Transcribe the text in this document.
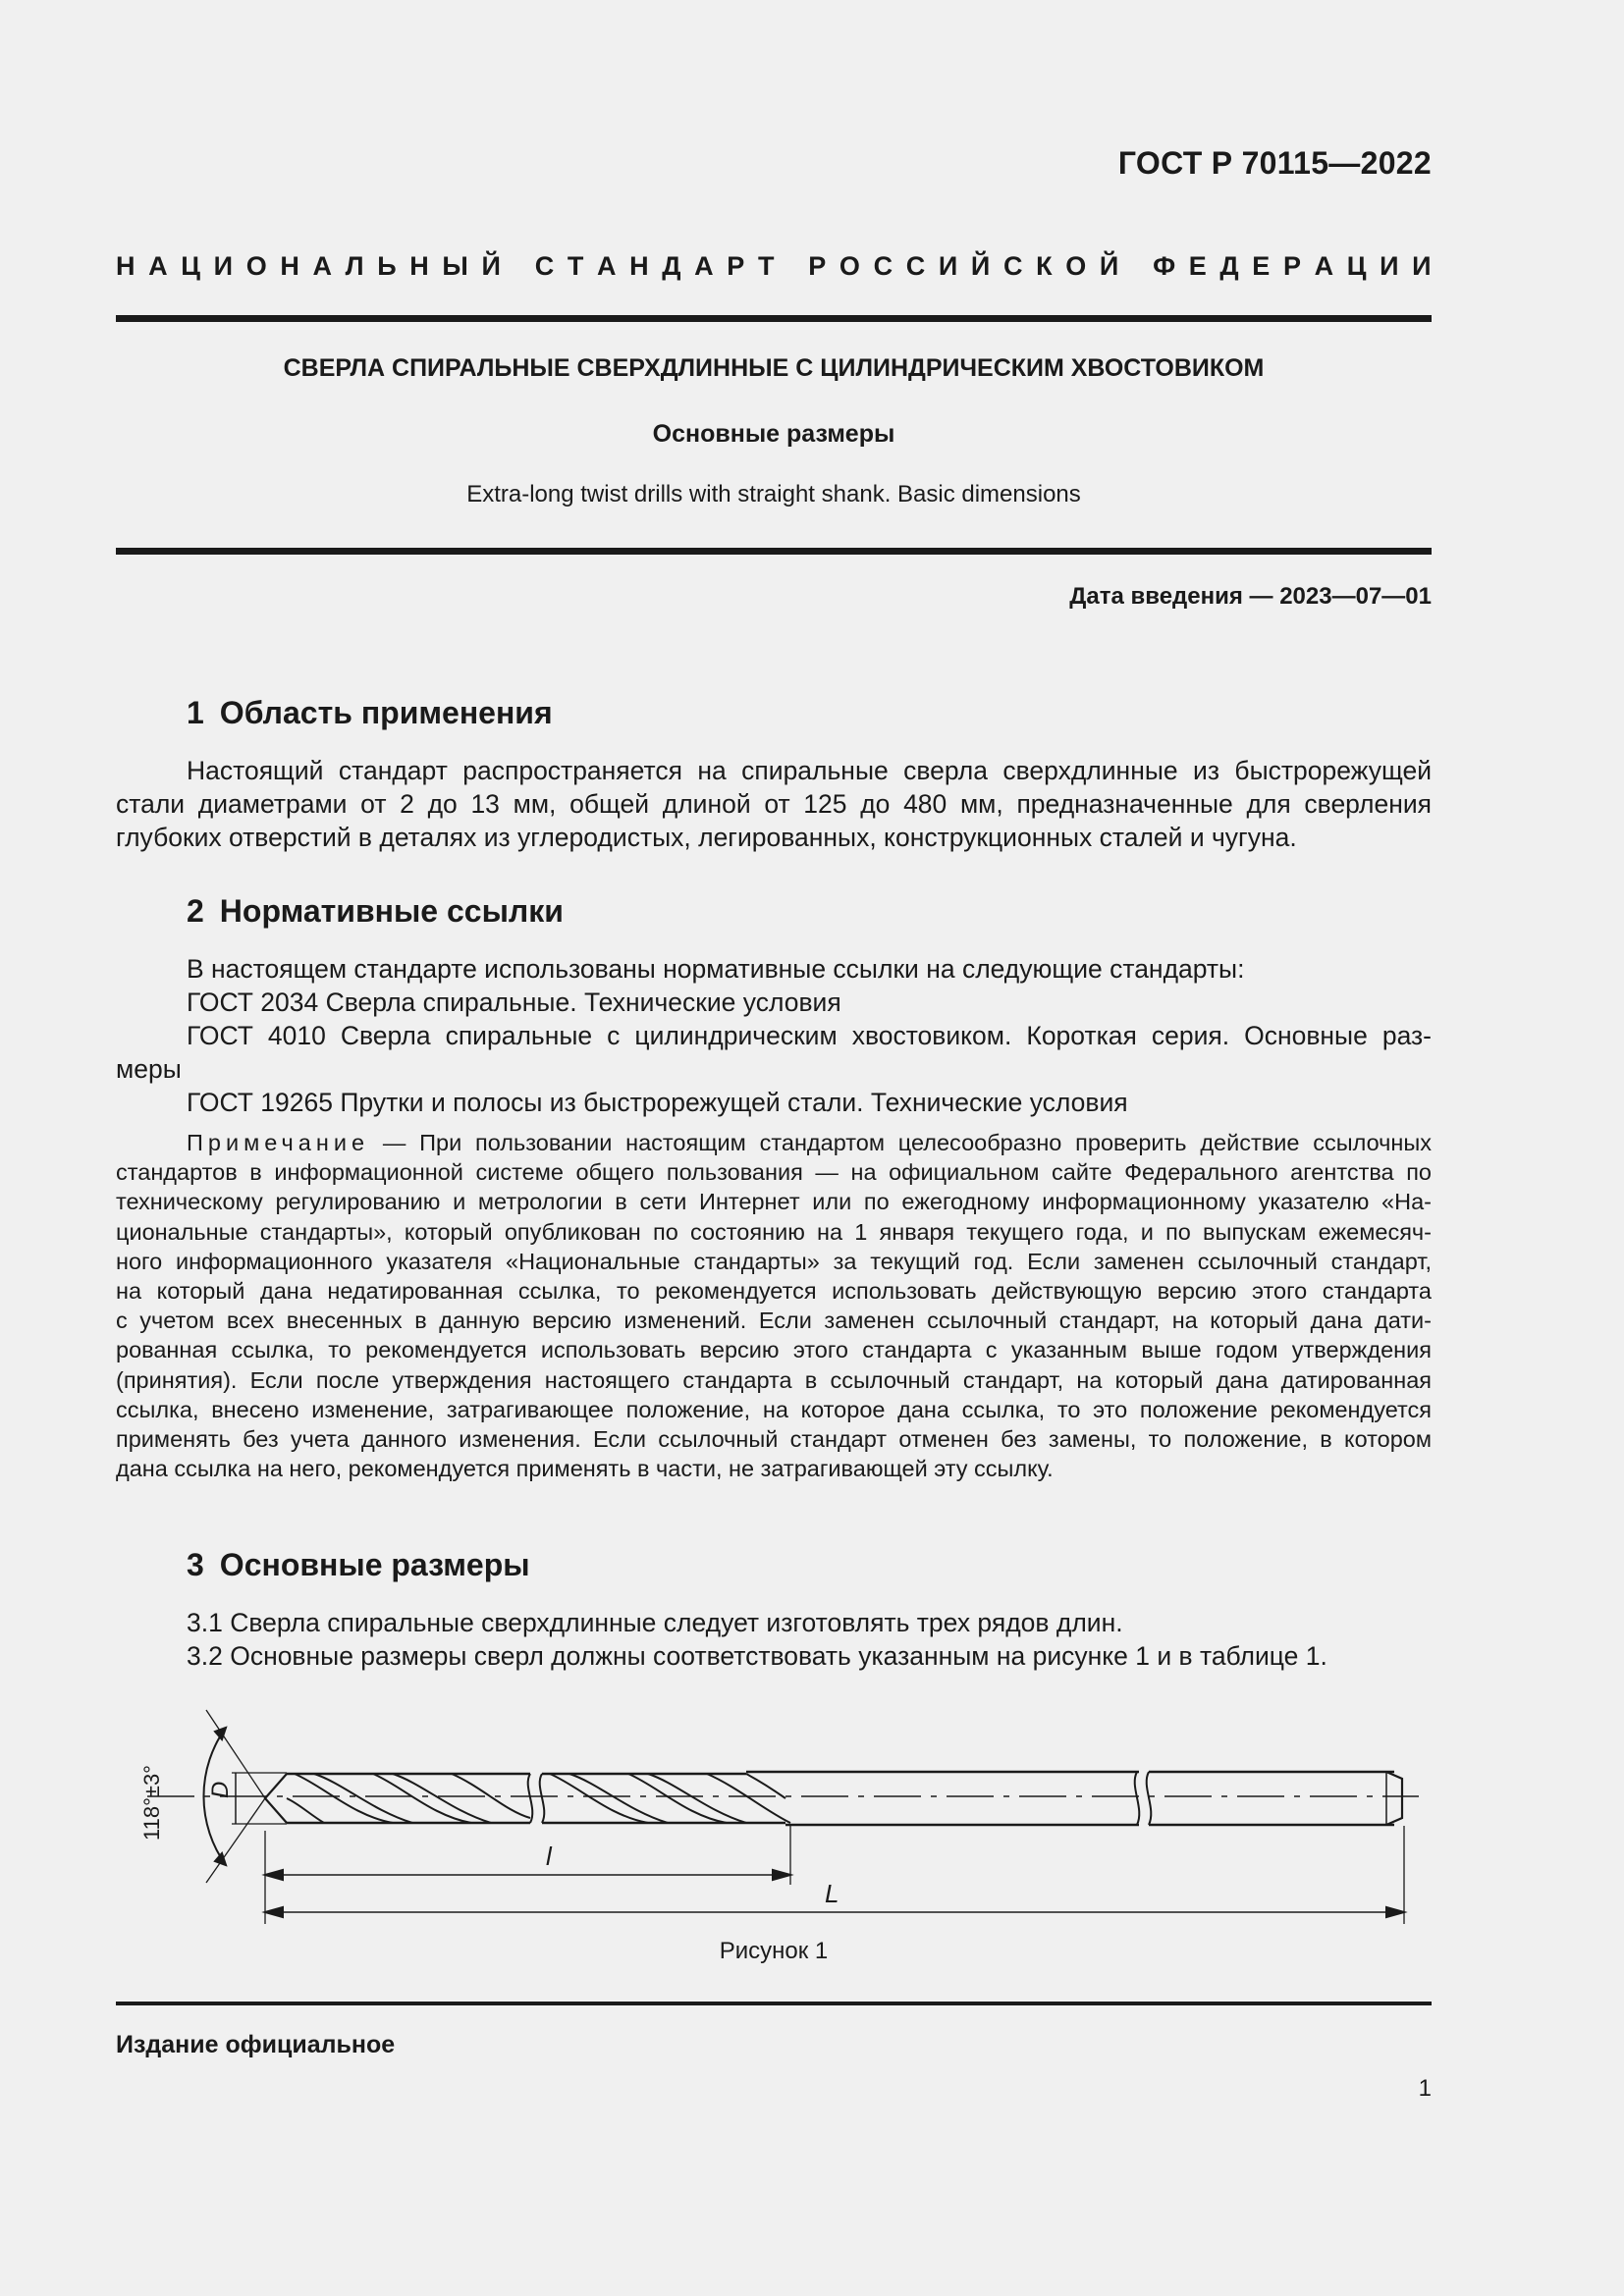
ГОСТ Р 70115—2022
Н А Ц И О Н А Л Ь Н Ы Й
С Т А Н Д А Р Т
Р О С С И Й С К О Й
Ф Е Д Е Р А Ц И И
СВЕРЛА СПИРАЛЬНЫЕ СВЕРХДЛИННЫЕ С ЦИЛИНДРИЧЕСКИМ ХВОСТОВИКОМ
Основные размеры
Extra-long twist drills with straight shank. Basic dimensions
Дата введения — 2023—07—01
1 Область применения
Настоящий стандарт распространяется на спиральные сверла сверхдлинные из быстрорежущей
стали диаметрами от 2 до 13 мм, общей длиной от 125 до 480 мм, предназначенные для сверления
глубоких отверстий в деталях из углеродистых, легированных, конструкционных сталей и чугуна.
2 Нормативные ссылки
В настоящем стандарте использованы нормативные ссылки на следующие стандарты:
ГОСТ 2034 Сверла спиральные. Технические условия
ГОСТ 4010 Сверла спиральные с цилиндрическим хвостовиком. Короткая серия. Основные раз-
меры
ГОСТ 19265 Прутки и полосы из быстрорежущей стали. Технические условия
Примечание — При пользовании настоящим стандартом целесообразно проверить действие ссылочных
стандартов в информационной системе общего пользования — на официальном сайте Федерального агентства по
техническому регулированию и метрологии в сети Интернет или по ежегодному информационному указателю «На-
циональные стандарты», который опубликован по состоянию на 1 января текущего года, и по выпускам ежемесяч-
ного информационного указателя «Национальные стандарты» за текущий год. Если заменен ссылочный стандарт,
на который дана недатированная ссылка, то рекомендуется использовать действующую версию этого стандарта
с учетом всех внесенных в данную версию изменений. Если заменен ссылочный стандарт, на который дана дати-
рованная ссылка, то рекомендуется использовать версию этого стандарта с указанным выше годом утверждения
(принятия). Если после утверждения настоящего стандарта в ссылочный стандарт, на который дана датированная
ссылка, внесено изменение, затрагивающее положение, на которое дана ссылка, то это положение рекомендуется
применять без учета данного изменения. Если ссылочный стандарт отменен без замены, то положение, в котором
дана ссылка на него, рекомендуется применять в части, не затрагивающей эту ссылку.
3 Основные размеры
3.1 Сверла спиральные сверхдлинные следует изготовлять трех рядов длин.
3.2 Основные размеры сверл должны соответствовать указанным на рисунке 1 и в таблице 1.
118°±3° D
l
L
Рисунок 1
Издание официальное
1
